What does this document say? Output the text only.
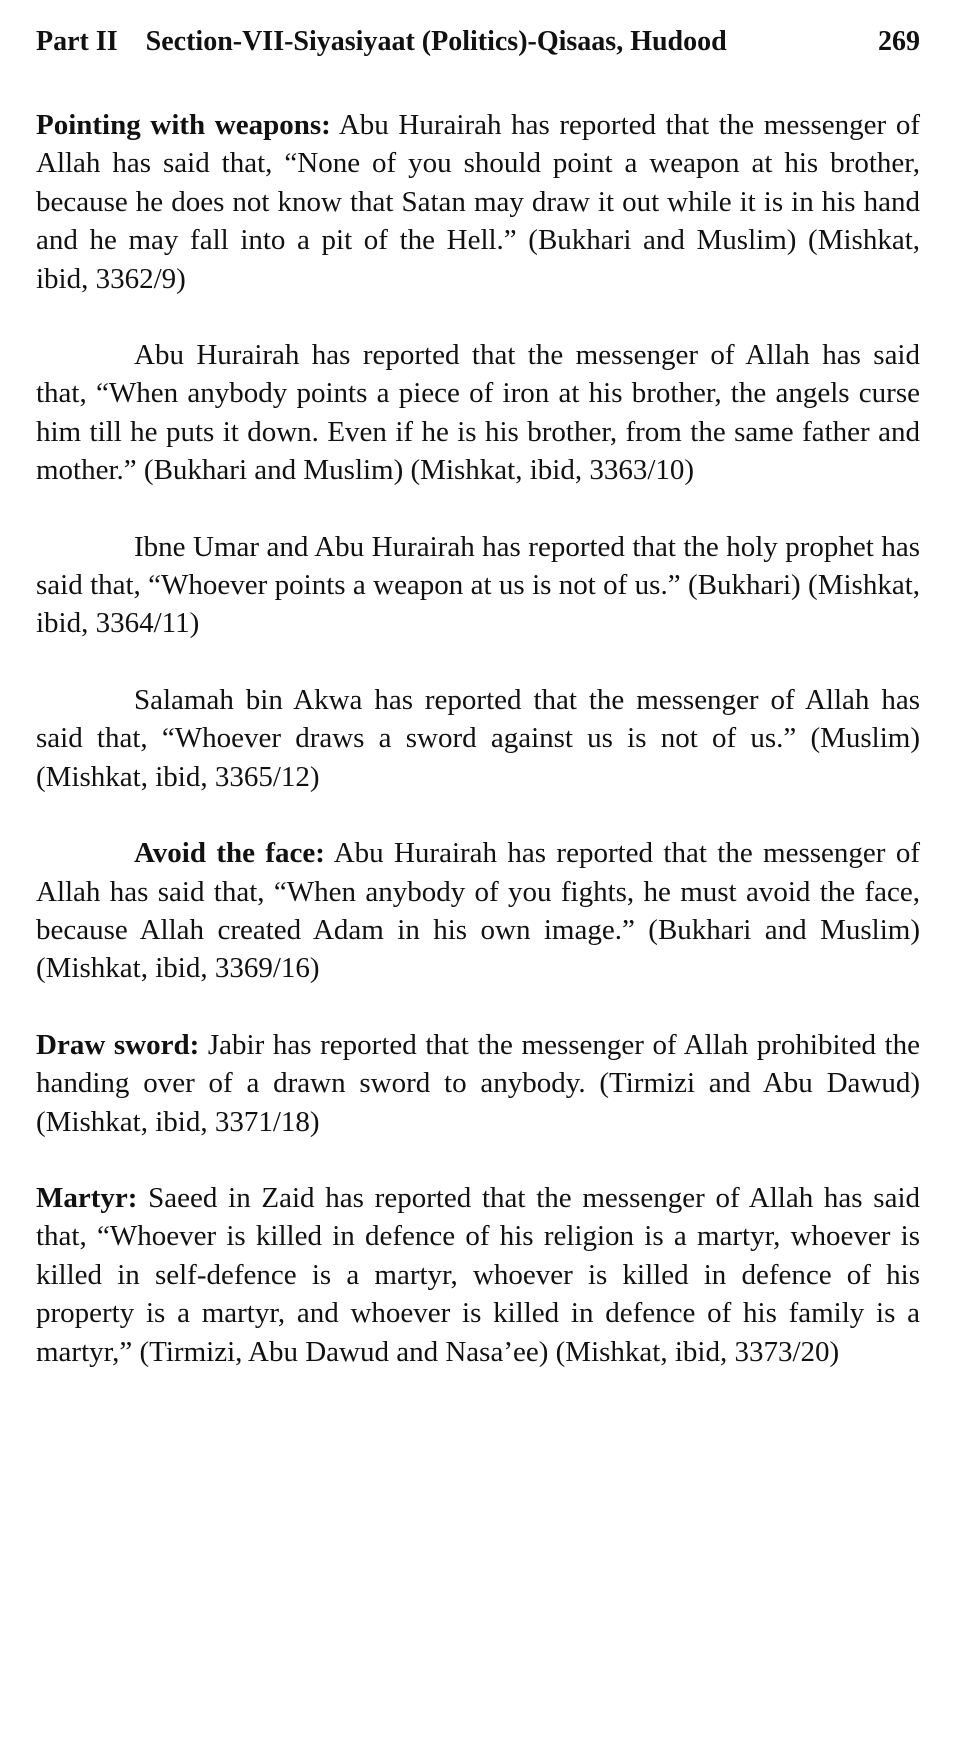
Part II Section-VII-Siyasiyaat (Politics)-Qisaas, Hudood	269

Pointing with weapons: Abu Hurairah has reported that the messenger of Allah has said that, “None of you should point a weapon at his brother, because he does not know that Satan may draw it out while it is in his hand and he may fall into a pit of the Hell.” (Bukhari and Muslim) (Mishkat, ibid, 3362/9)

Abu Hurairah has reported that the messenger of Allah has said that, “When anybody points a piece of iron at his brother, the angels curse him till he puts it down. Even if he is his brother, from the same father and mother.” (Bukhari and Muslim) (Mishkat, ibid, 3363/10)

Ibne Umar and Abu Hurairah has reported that the holy prophet has said that, “Whoever points a weapon at us is not of us.” (Bukhari) (Mishkat, ibid, 3364/11)

Salamah bin Akwa has reported that the messenger of Allah has said that, “Whoever draws a sword against us is not of us.” (Muslim) (Mishkat, ibid, 3365/12)

Avoid the face: Abu Hurairah has reported that the messenger of Allah has said that, “When anybody of you fights, he must avoid the face, because Allah created Adam in his own image.” (Bukhari and Muslim) (Mishkat, ibid, 3369/16)

Draw sword: Jabir has reported that the messenger of Allah prohibited the handing over of a drawn sword to anybody. (Tirmizi and Abu Dawud) (Mishkat, ibid, 3371/18)

Martyr: Saeed in Zaid has reported that the messenger of Allah has said that, “Whoever is killed in defence of his religion is a martyr, whoever is killed in self-defence is a martyr, whoever is killed in defence of his property is a martyr, and whoever is killed in defence of his family is a martyr,” (Tirmizi, Abu Dawud and Nasa’ee) (Mishkat, ibid, 3373/20)
